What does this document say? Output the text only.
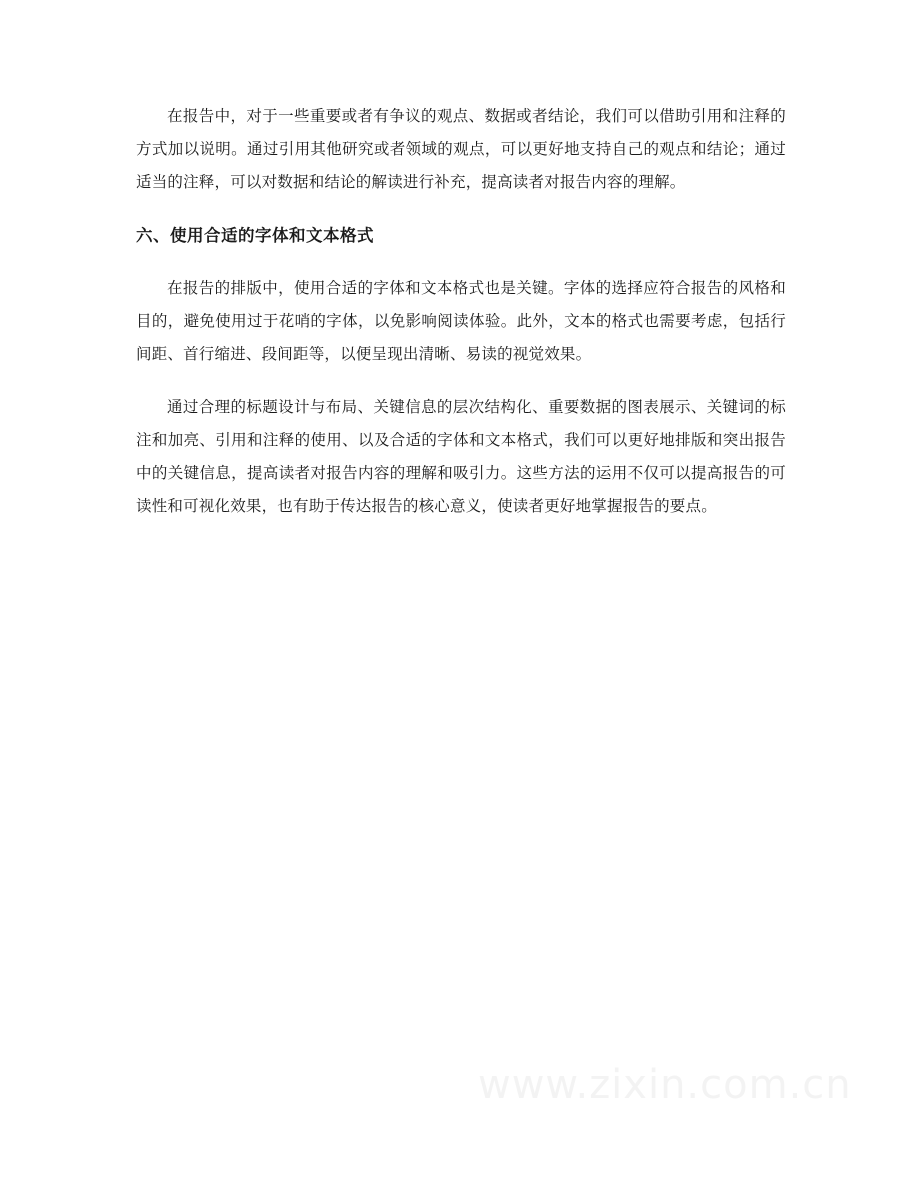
在报告中，对于一些重要或者有争议的观点、数据或者结论，我们可以借助引用和注释的方式加以说明。通过引用其他研究或者领域的观点，可以更好地支持自己的观点和结论；通过适当的注释，可以对数据和结论的解读进行补充，提高读者对报告内容的理解。

六、使用合适的字体和文本格式

在报告的排版中，使用合适的字体和文本格式也是关键。字体的选择应符合报告的风格和目的，避免使用过于花哨的字体，以免影响阅读体验。此外，文本的格式也需要考虑，包括行间距、首行缩进、段间距等，以便呈现出清晰、易读的视觉效果。

通过合理的标题设计与布局、关键信息的层次结构化、重要数据的图表展示、关键词的标注和加亮、引用和注释的使用、以及合适的字体和文本格式，我们可以更好地排版和突出报告中的关键信息，提高读者对报告内容的理解和吸引力。这些方法的运用不仅可以提高报告的可读性和可视化效果，也有助于传达报告的核心意义，使读者更好地掌握报告的要点。

www.zixin.com.cn
